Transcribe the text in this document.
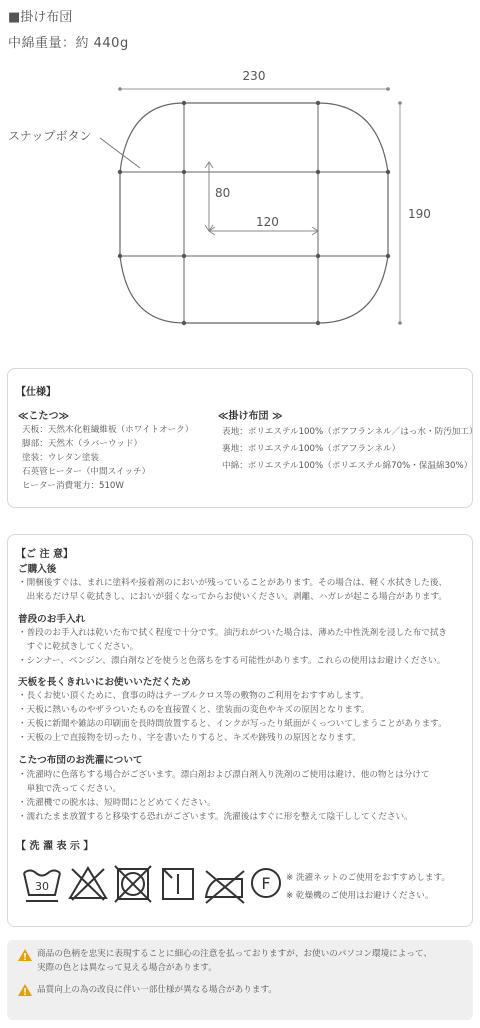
230
190
80
120
スナップボタン
■掛け布団
中綿重量：約 440g
【仕様】
≪こたつ≫
天板：天然木化粧繊維板（ホワイトオーク）
脚部：天然木（ラバーウッド）
塗装：ウレタン塗装
石英管ヒーター（中間スイッチ）
ヒーター消費電力：510W
≪掛け布団 ≫
表地：ポリエステル100%（ボアフランネル／はっ水・防汚加工）
裏地：ポリエステル100%（ボアフランネル）
中綿：ポリエステル100%（ポリエステル綿70%・保温綿30%）
【ご 注 意】
ご購入後
・開梱後すぐは、まれに塗料や接着剤のにおいが残っていることがあります。その場合は、軽く水拭きした後、
　出来るだけ早く乾拭きし、においが弱くなってからお使いください。剥離、ハガレが起こる場合があります。
普段のお手入れ
・普段のお手入れは乾いた布で拭く程度で十分です。油汚れがついた場合は、薄めた中性洗剤を浸した布で拭き
　すぐに乾拭きしてください。
・シンナー、ベンジン、漂白剤などを使うと色落ちをする可能性があります。これらの使用はお避けください。
天板を長くきれいにお使いいただくため
・長くお使い頂くために、食事の時はテーブルクロス等の敷物のご利用をおすすめします。
・天板に熱いものやザラついたものを直接置くと、塗装面の変色やキズの原因となります。
・天板に新聞や雑誌の印刷面を長時間放置すると、インクが写ったり紙面がくっついてしまうことがあります。
・天板の上で直接物を切ったり、字を書いたりすると、キズや跡残りの原因となります。
こたつ布団のお洗濯について
・洗濯時に色落ちする場合がございます。漂白剤および漂白剤入り洗剤のご使用は避け、他の物とは分けて
　単独で洗ってください。
・洗濯機での脱水は、短時間にとどめてください。
・濡れたまま放置すると移染する恐れがございます。洗濯後はすぐに形を整えて陰干ししてください。
【 洗 濯 表 示 】
30	F ※ 洗濯ネットのご使用をおすすめします。
※ 乾燥機のご使用はお避けください。
商品の色柄を忠実に表現することに細心の注意を払っておりますが、お使いのパソコン環境によって、
実際の色とは異なって見える場合があります。
品質向上の為の改良に伴い一部仕様が異なる場合があります。
